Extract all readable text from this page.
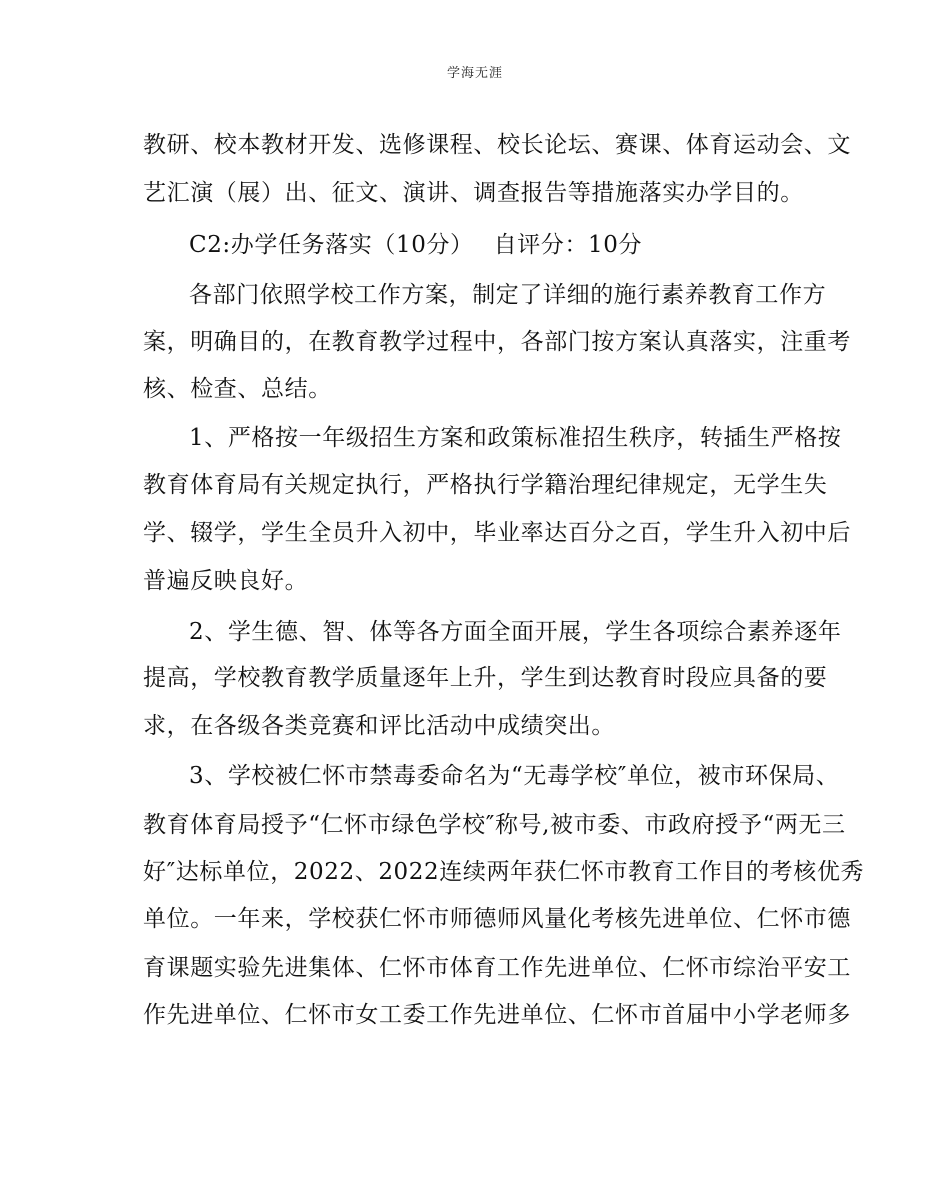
学海无涯
教研、校本教材开发、选修课程、校长论坛、赛课、体育运动会、文
艺汇演（展）出、征文、演讲、调查报告等措施落实办学目的。
C2:办学任务落实（10分）　 自评分：10分
各部门依照学校工作方案，制定了详细的施行素养教育工作方
案，明确目的，在教育教学过程中，各部门按方案认真落实，注重考
核、检查、总结。
1、严格按一年级招生方案和政策标准招生秩序，转插生严格按
教育体育局有关规定执行，严格执行学籍治理纪律规定，无学生失
学、辍学，学生全员升入初中，毕业率达百分之百，学生升入初中后
普遍反映良好。
2、学生德、智、体等各方面全面开展，学生各项综合素养逐年
提高，学校教育教学质量逐年上升，学生到达教育时段应具备的要
求，在各级各类竞赛和评比活动中成绩突出。
3、学校被仁怀市禁毒委命名为“无毒学校″单位，被市环保局、
教育体育局授予“仁怀市绿色学校″称号,被市委、市政府授予“两无三
好″达标单位，2022、2022连续两年获仁怀市教育工作目的考核优秀
单位。一年来，学校获仁怀市师德师风量化考核先进单位、仁怀市德
育课题实验先进集体、仁怀市体育工作先进单位、仁怀市综治平安工
作先进单位、仁怀市女工委工作先进单位、仁怀市首届中小学老师多
